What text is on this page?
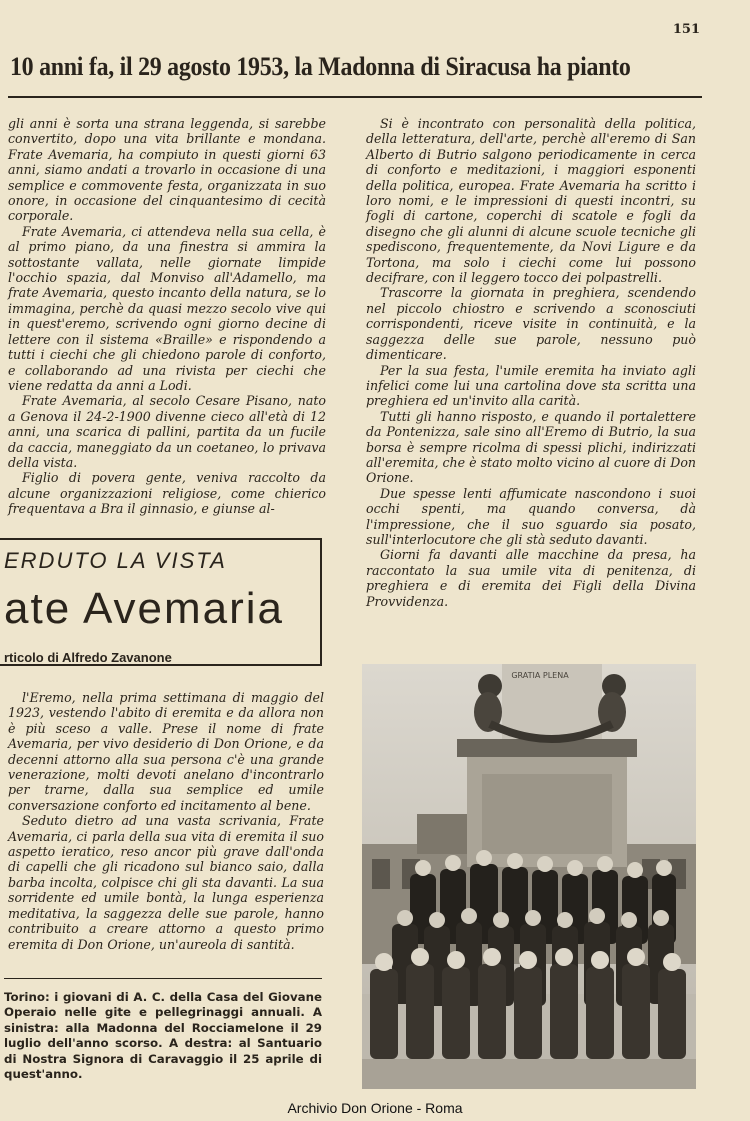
151
10 anni fa, il 29 agosto 1953, la Madonna di Siracusa ha pianto

gli anni è sorta una strana leggenda, si sarebbe convertito, dopo una vita brillante e mondana. Frate Avemaria, ha compiuto in questi giorni 63 anni, siamo andati a trovarlo in occasione di una semplice e commovente festa, organizzata in suo onore, in occasione del cinquantesimo di cecità corporale.

Frate Avemaria, ci attendeva nella sua cella, è al primo piano, da una finestra si ammira la sottostante vallata, nelle giornate limpide l'occhio spazia, dal Monviso all'Adamello, ma frate Avemaria, questo incanto della natura, se lo immagina, perchè da quasi mezzo secolo vive qui in quest'eremo, scrivendo ogni giorno decine di lettere con il sistema «Braille» e rispondendo a tutti i ciechi che gli chiedono parole di conforto, e collaborando ad una rivista per ciechi che viene redatta da anni a Lodi.

Frate Avemaria, al secolo Cesare Pisano, nato a Genova il 24-2-1900 divenne cieco all'età di 12 anni, una scarica di pallini, partita da un fucile da caccia, maneggiato da un coetaneo, lo privava della vista.

Figlio di povera gente, veniva raccolto da alcune organizzazioni religiose, come chierico frequentava a Bra il ginnasio, e giunse al-

ERDUTO LA VISTA
ate Avemaria
rticolo di Alfredo Zavanone

l'Eremo, nella prima settimana di maggio del 1923, vestendo l'abito di eremita e da allora non è più sceso a valle. Prese il nome di frate Avemaria, per vivo desiderio di Don Orione, e da decenni attorno alla sua persona c'è una grande venerazione, molti devoti anelano d'incontrarlo per trarne, dalla sua semplice ed umile conversazione conforto ed incitamento al bene.

Seduto dietro ad una vasta scrivania, Frate Avemaria, ci parla della sua vita di eremita il suo aspetto ieratico, reso ancor più grave dall'onda di capelli che gli ricadono sul bianco saio, dalla barba incolta, colpisce chi gli sta davanti. La sua sorridente ed umile bontà, la lunga esperienza meditativa, la saggezza delle sue parole, hanno contribuito a creare attorno a questo primo eremita di Don Orione, un'aureola di santità.

Torino: i giovani di A. C. della Casa del Giovane Operaio nelle gite e pellegrinaggi annuali. A sinistra: alla Madonna del Rocciamelone il 29 luglio dell'anno scorso. A destra: al Santuario di Nostra Signora di Caravaggio il 25 aprile di quest'anno.

Si è incontrato con personalità della politica, della letteratura, dell'arte, perchè all'eremo di San Alberto di Butrio salgono periodicamente in cerca di conforto e meditazioni, i maggiori esponenti della politica, europea. Frate Avemaria ha scritto i loro nomi, e le impressioni di questi incontri, su fogli di cartone, coperchi di scatole e fogli da disegno che gli alunni di alcune scuole tecniche gli spediscono, frequentemente, da Novi Ligure e da Tortona, ma solo i ciechi come lui possono decifrare, con il leggero tocco dei polpastrelli.

Trascorre la giornata in preghiera, scendendo nel piccolo chiostro e scrivendo a sconosciuti corrispondenti, riceve visite in continuità, e la saggezza delle sue parole, nessuno può dimenticare.

Per la sua festa, l'umile eremita ha inviato agli infelici come lui una cartolina dove sta scritta una preghiera ed un'invito alla carità.

Tutti gli hanno risposto, e quando il portalettere da Pontenizza, sale sino all'Eremo di Butrio, la sua borsa è sempre ricolma di spessi plichi, indirizzati all'eremita, che è stato molto vicino al cuore di Don Orione.

Due spesse lenti affumicate nascondono i suoi occhi spenti, ma quando conversa, dà l'impressione, che il suo sguardo sia posato, sull'interlocutore che gli stà seduto davanti.

Giorni fa davanti alle macchine da presa, ha raccontato la sua umile vita di penitenza, di preghiera e di eremita dei Figli della Divina Provvidenza.

GRATIA PLENA
Archivio Don Orione - Roma
